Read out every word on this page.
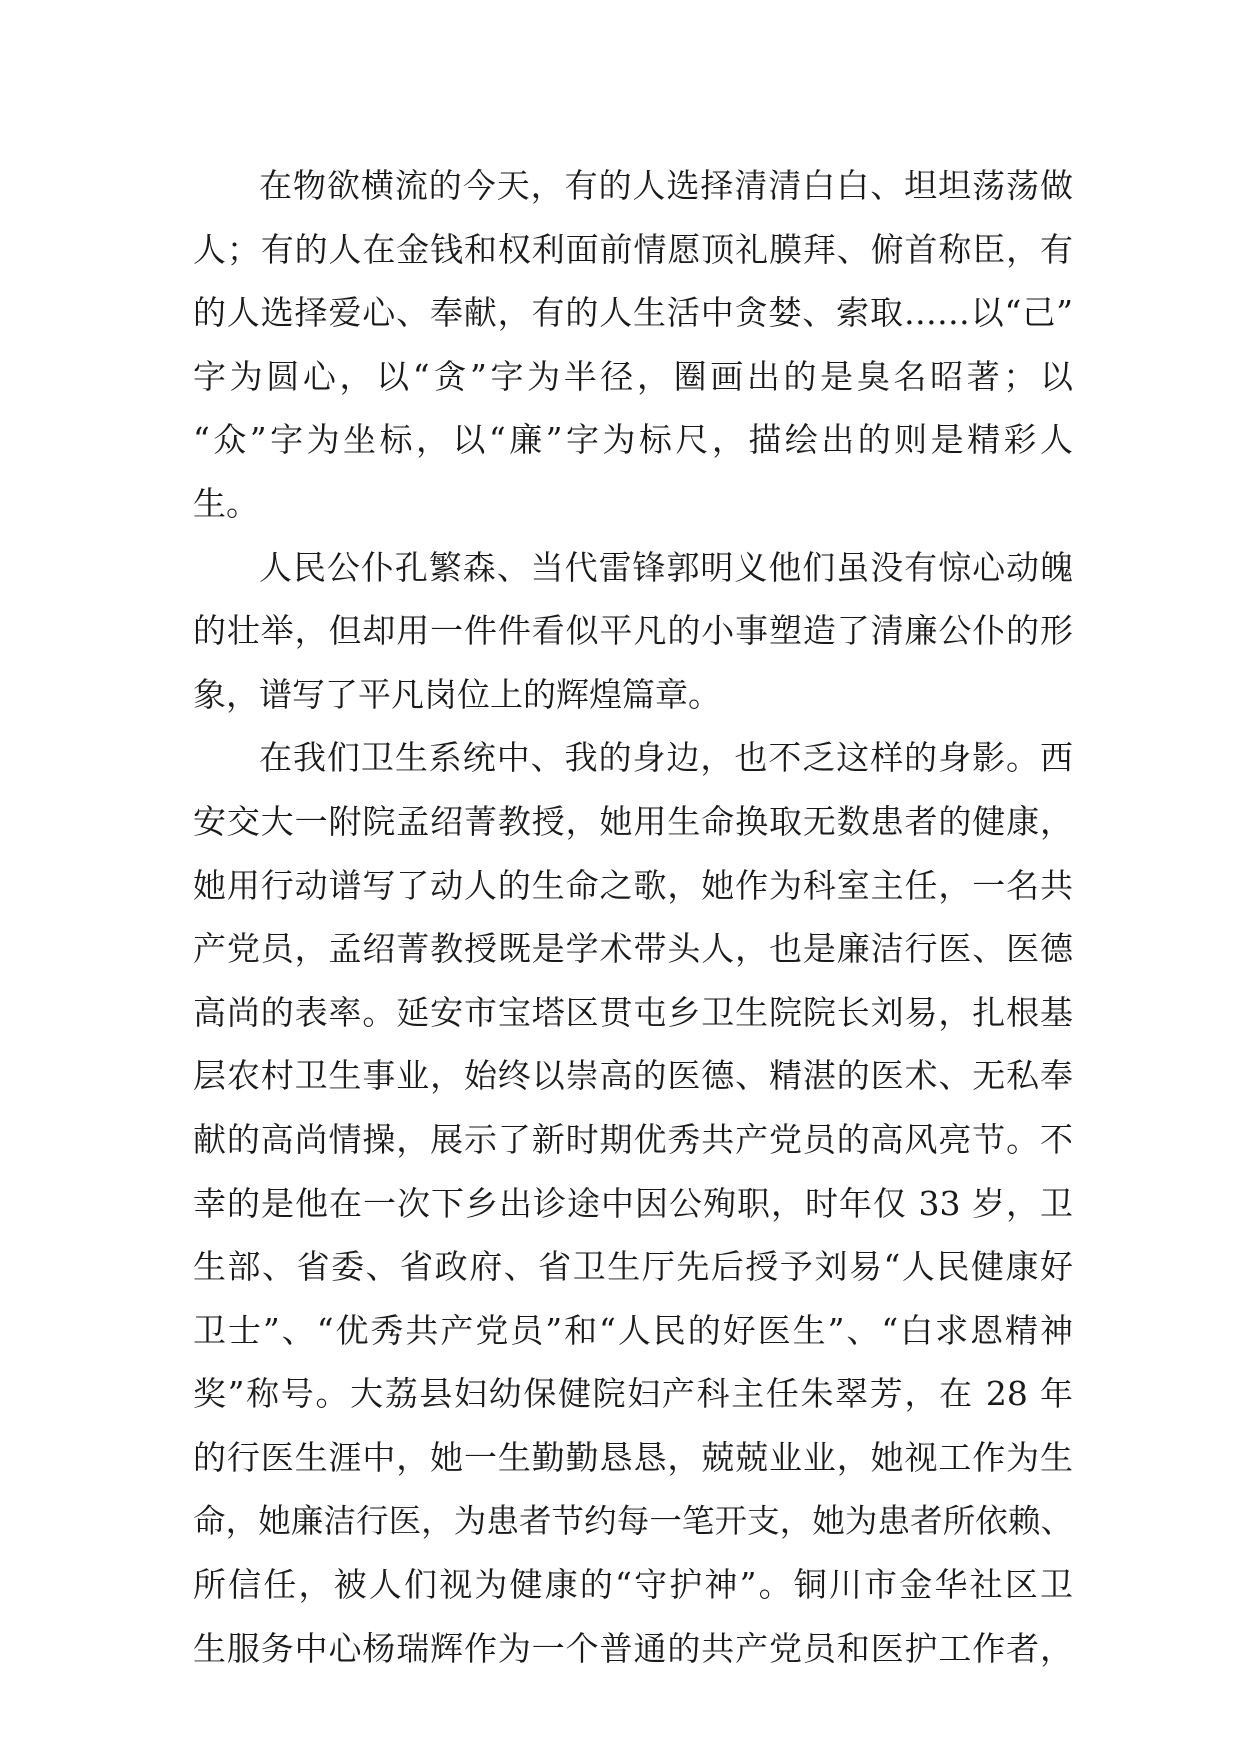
在物欲横流的今天，有的人选择清清白白、坦坦荡荡做
人；有的人在金钱和权利面前情愿顶礼膜拜、俯首称臣，有
的人选择爱心、奉献，有的人生活中贪婪、索取……以“己”
字为圆心，以“贪”字为半径，圈画出的是臭名昭著；以
“众”字为坐标，以“廉”字为标尺，描绘出的则是精彩人
生。
人民公仆孔繁森、当代雷锋郭明义他们虽没有惊心动魄
的壮举，但却用一件件看似平凡的小事塑造了清廉公仆的形
象，谱写了平凡岗位上的辉煌篇章。
在我们卫生系统中、我的身边，也不乏这样的身影。西
安交大一附院孟绍菁教授，她用生命换取无数患者的健康，
她用行动谱写了动人的生命之歌，她作为科室主任，一名共
产党员，孟绍菁教授既是学术带头人，也是廉洁行医、医德
高尚的表率。延安市宝塔区贯屯乡卫生院院长刘易，扎根基
层农村卫生事业，始终以崇高的医德、精湛的医术、无私奉
献的高尚情操，展示了新时期优秀共产党员的高风亮节。不
幸的是他在一次下乡出诊途中因公殉职，时年仅 33 岁，卫
生部、省委、省政府、省卫生厅先后授予刘易“人民健康好
卫士”、“优秀共产党员”和“人民的好医生”、“白求恩精神
奖”称号。大荔县妇幼保健院妇产科主任朱翠芳，在 28 年
的行医生涯中，她一生勤勤恳恳，兢兢业业，她视工作为生
命，她廉洁行医，为患者节约每一笔开支，她为患者所依赖、
所信任，被人们视为健康的“守护神”。铜川市金华社区卫
生服务中心杨瑞辉作为一个普通的共产党员和医护工作者，
